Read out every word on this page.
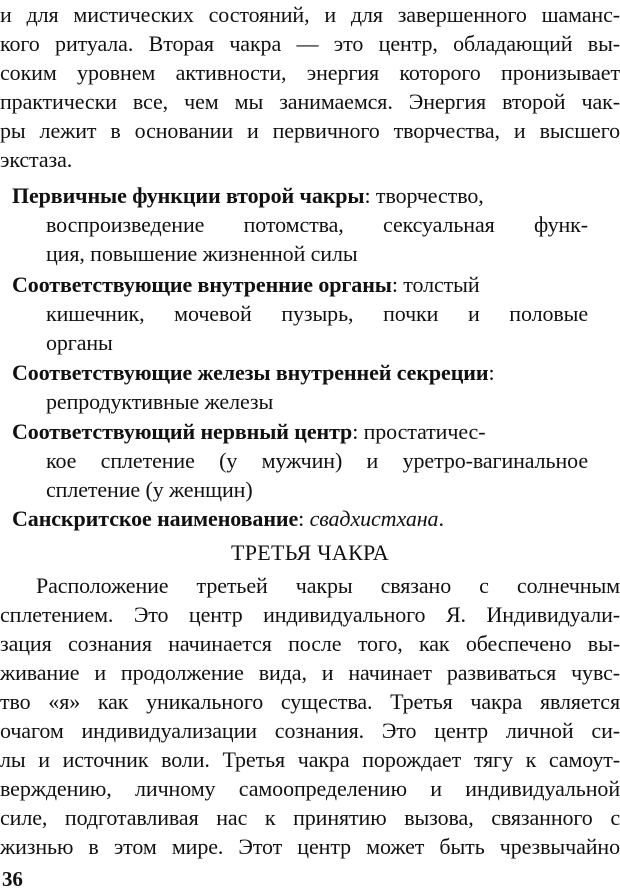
и для мистических состояний, и для завершенного шаманс-
кого ритуала. Вторая чакра — это центр, обладающий вы-
соким уровнем активности, энергия которого пронизывает
практически все, чем мы занимаемся. Энергия второй чак-
ры лежит в основании и первичного творчества, и высшего
экстаза.
Первичные функции второй чакры: творчество,
воспроизведение потомства, сексуальная функ-
ция, повышение жизненной силы
Соответствующие внутренние органы: толстый
кишечник, мочевой пузырь, почки и половые
органы
Соответствующие железы внутренней секреции:
репродуктивные железы
Соответствующий нервный центр: простатичес-
кое сплетение (у мужчин) и уретро-вагинальное
сплетение (у женщин)
Санскритское наименование: свадхистхана.
ТРЕТЬЯ ЧАКРА
Расположение третьей чакры связано с солнечным
сплетением. Это центр индивидуального Я. Индивидуали-
зация сознания начинается после того, как обеспечено вы-
живание и продолжение вида, и начинает развиваться чувс-
тво «я» как уникального существа. Третья чакра является
очагом индивидуализации сознания. Это центр личной си-
лы и источник воли. Третья чакра порождает тягу к самоут-
верждению, личному самоопределению и индивидуальной
силе, подготавливая нас к принятию вызова, связанного с
жизнью в этом мире. Этот центр может быть чрезвычайно
36
